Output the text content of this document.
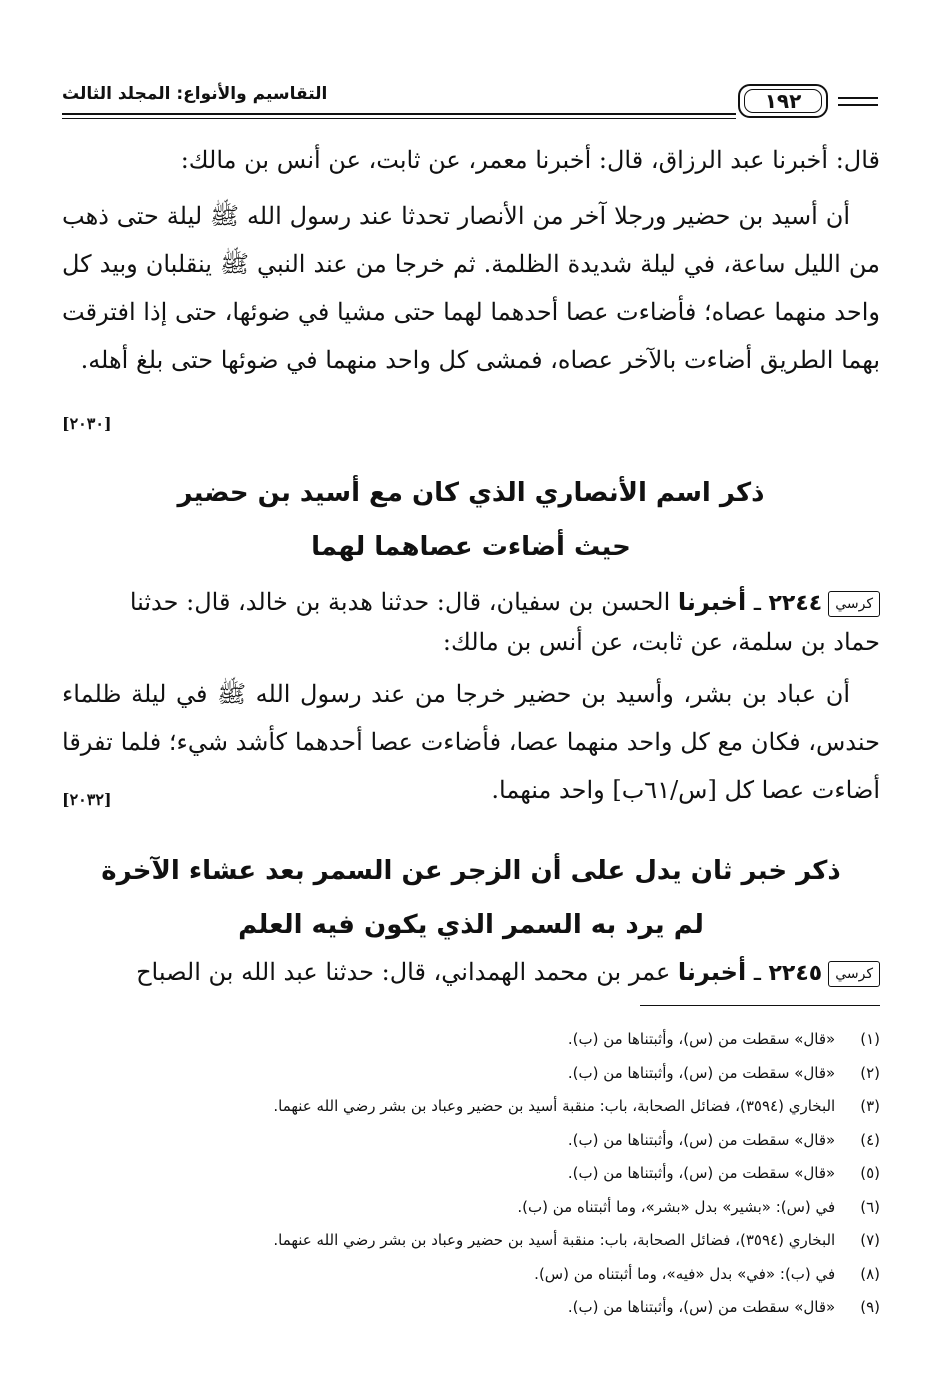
التقاسيم والأنواع: المجلد الثالث	١٩٢

قال: أخبرنا عبد الرزاق، قال: أخبرنا معمر، عن ثابت، عن أنس بن مالك:

أن أسيد بن حضير ورجلا آخر من الأنصار تحدثا عند رسول الله ﷺ ليلة حتى ذهب من الليل ساعة، في ليلة شديدة الظلمة. ثم خرجا من عند النبي ﷺ ينقلبان وبيد كل واحد منهما عصاه؛ فأضاءت عصا أحدهما لهما حتى مشيا في ضوئها، حتى إذا افترقت بهما الطريق أضاءت بالآخر عصاه، فمشى كل واحد منهما في ضوئها حتى بلغ أهله.

[٢٠٣٠]
ذكر اسم الأنصاري الذي كان مع أسيد بن حضير
حيث أضاءت عصاهما لهما
كرسي٢٢٤٤ ـ أخبرنا الحسن بن سفيان، قال: حدثنا هدبة بن خالد، قال: حدثنا
حماد بن سلمة، عن ثابت، عن أنس بن مالك:

أن عباد بن بشر، وأسيد بن حضير خرجا من عند رسول الله ﷺ في ليلة ظلماء حندس، فكان مع كل واحد منهما عصا، فأضاءت عصا أحدهما كأشد شيء؛ فلما تفرقا أضاءت عصا كل [س/٦١ب] واحد منهما.

[٢٠٣٢]
ذكر خبر ثان يدل على أن الزجر عن السمر بعد عشاء الآخرة
لم يرد به السمر الذي يكون فيه العلم
كرسي٢٢٤٥ ـ أخبرنا عمر بن محمد الهمداني، قال: حدثنا عبد الله بن الصباح
(١) «قال» سقطت من (س)، وأثبتناها من (ب).
(٢) «قال» سقطت من (س)، وأثبتناها من (ب).
(٣) البخاري (٣٥٩٤)، فضائل الصحابة، باب: منقبة أسيد بن حضير وعباد بن بشر رضي الله عنهما.
(٤) «قال» سقطت من (س)، وأثبتناها من (ب).
(٥) «قال» سقطت من (س)، وأثبتناها من (ب).
(٦) في (س): «بشير» بدل «بشر»، وما أثبتناه من (ب).
(٧) البخاري (٣٥٩٤)، فضائل الصحابة، باب: منقبة أسيد بن حضير وعباد بن بشر رضي الله عنهما.
(٨) في (ب): «في» بدل «فيه»، وما أثبتناه من (س).
(٩) «قال» سقطت من (س)، وأثبتناها من (ب).
